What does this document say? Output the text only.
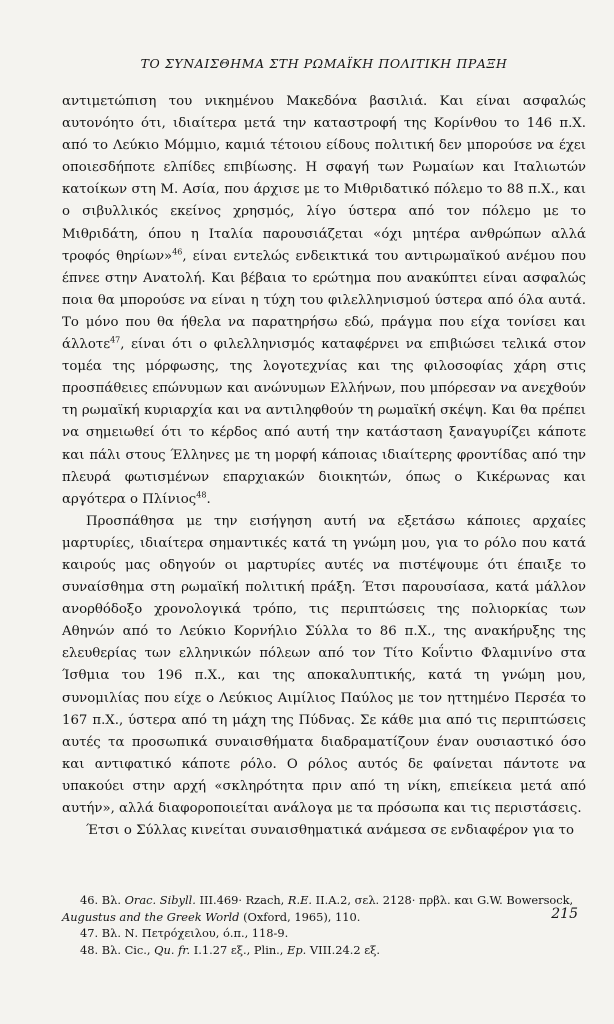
ΤΟ ΣΥΝΑΙΣΘΗΜΑ ΣΤΗ ΡΩΜΑΪΚΗ ΠΟΛΙΤΙΚΗ ΠΡΑΞΗ

αντιμετώπιση του νικημένου Μακεδόνα βασιλιά. Και είναι ασφαλώς αυτονόητο ότι, ιδιαίτερα μετά την καταστροφή της Κορίνθου το 146 π.Χ. από το Λεύκιο Μόμμιο, καμιά τέτοιου είδους πολιτική δεν μπορούσε να έχει οποιεσδήποτε ελπίδες επιβίωσης. Η σφαγή των Ρωμαίων και Ιταλιωτών κατοίκων στη Μ. Ασία, που άρχισε με το Μιθριδατικό πόλεμο το 88 π.Χ., και ο σιβυλλικός εκείνος χρησμός, λίγο ύστερα από τον πόλεμο με το Μιθριδάτη, όπου η Ιταλία παρουσιάζεται «όχι μητέρα ανθρώπων αλλά τροφός θηρίων»$^{46}$, είναι εντελώς ενδεικτικά του αντιρωμαϊκού ανέμου που έπνεε στην Ανατολή. Και βέβαια το ερώτημα που ανακύπτει είναι ασφαλώς ποια θα μπορούσε να είναι η τύχη του φιλελληνισμού ύστερα από όλα αυτά. Το μόνο που θα ήθελα να παρατηρήσω εδώ, πράγμα που είχα τονίσει και άλλοτε$^{47}$, είναι ότι ο φιλελληνισμός καταφέρνει να επιβιώσει τελικά στον τομέα της μόρφωσης, της λογοτεχνίας και της φιλοσοφίας χάρη στις προσπάθειες επώνυμων και ανώνυμων Ελλήνων, που μπόρεσαν να ανεχθούν τη ρωμαϊκή κυριαρχία και να αντιληφθούν τη ρωμαϊκή σκέψη. Και θα πρέπει να σημειωθεί ότι το κέρδος από αυτή την κατάσταση ξαναγυρίζει κάποτε και πάλι στους Έλληνες με τη μορφή κάποιας ιδιαίτερης φροντίδας από την πλευρά φωτισμένων επαρχιακών διοικητών, όπως ο Κικέρωνας και αργότερα ο Πλίνιος$^{48}$.

Προσπάθησα με την εισήγηση αυτή να εξετάσω κάποιες αρχαίες μαρτυρίες, ιδιαίτερα σημαντικές κατά τη γνώμη μου, για το ρόλο που κατά καιρούς μας οδηγούν οι μαρτυρίες αυτές να πιστέψουμε ότι έπαιξε το συναίσθημα στη ρωμαϊκή πολιτική πράξη. Έτσι παρουσίασα, κατά μάλλον ανορθόδοξο χρονολογικά τρόπο, τις περιπτώσεις της πολιορκίας των Αθηνών από το Λεύκιο Κορνήλιο Σύλλα το 86 π.Χ., της ανακήρυξης της ελευθερίας των ελληνικών πόλεων από τον Τίτο Κοΐντιο Φλαμινίνο στα Ίσθμια του 196 π.Χ., και της αποκαλυπτικής, κατά τη γνώμη μου, συνομιλίας που είχε ο Λεύκιος Αιμίλιος Παύλος με τον ηττημένο Περσέα το 167 π.Χ., ύστερα από τη μάχη της Πύδνας. Σε κάθε μια από τις περιπτώσεις αυτές τα προσωπικά συναισθήματα διαδραματίζουν έναν ουσιαστικό όσο και αντιφατικό κάποτε ρόλο. Ο ρόλος αυτός δε φαίνεται πάντοτε να υπακούει στην αρχή «σκληρότητα πριν από τη νίκη, επιείκεια μετά από αυτήν», αλλά διαφοροποιείται ανάλογα με τα πρόσωπα και τις περιστάσεις.

Έτσι ο Σύλλας κινείται συναισθηματικά ανάμεσα σε ενδιαφέρον για το

46. Βλ. Orac. Sibyll. III.469· Rzach, R.E. II.A.2, σελ. 2128· πρβλ. και G.W. Bowersock, Augustus and the Greek World (Oxford, 1965), 110.

47. Βλ. Ν. Πετρόχειλου, ό.π., 118-9.

48. Βλ. Cic., Qu. fr. I.1.27 εξ., Plin., Ep. VIII.24.2 εξ.

215
